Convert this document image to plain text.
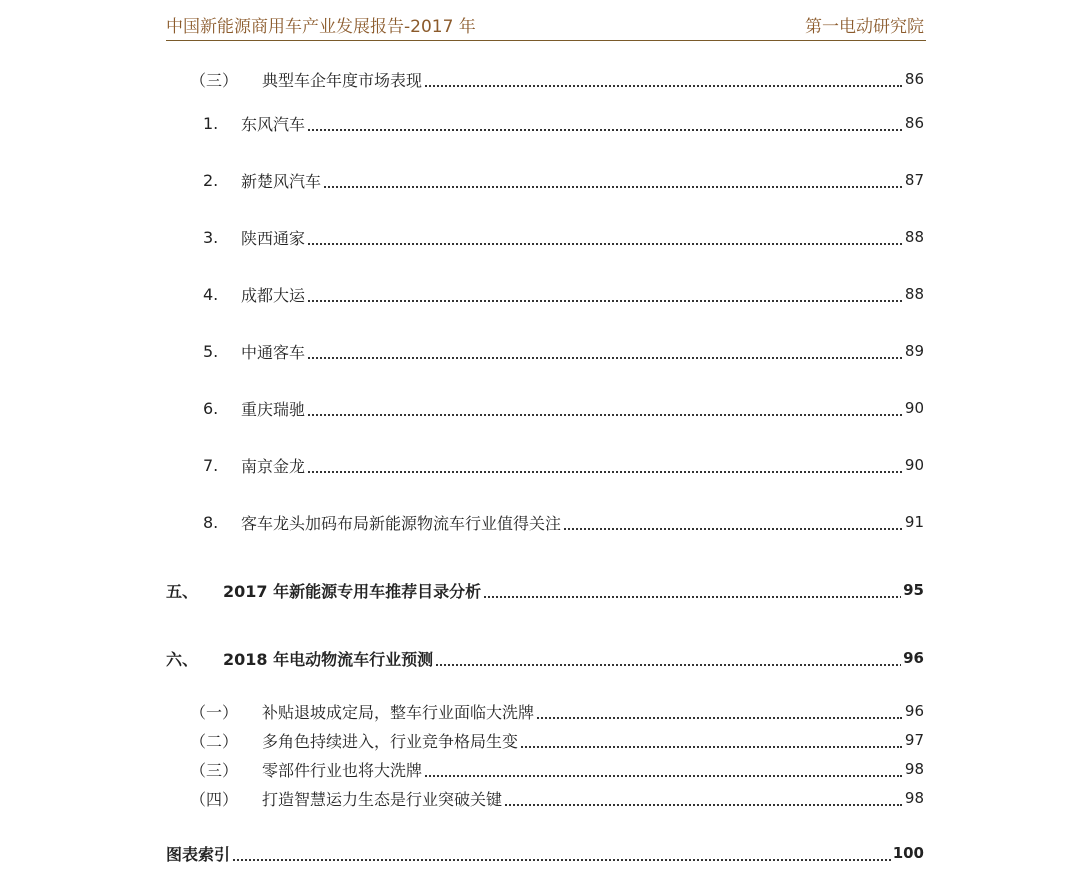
中国新能源商用车产业发展报告-2017 年	第一电动研究院
（三） 典型车企年度市场表现	86
1. 东风汽车	86
2. 新楚风汽车	87
3. 陕西通家	88
4. 成都大运	88
5. 中通客车	89
6. 重庆瑞驰	90
7. 南京金龙	90
8. 客车龙头加码布局新能源物流车行业值得关注	91
五、 2017 年新能源专用车推荐目录分析	95
六、 2018 年电动物流车行业预测	96
（一） 补贴退坡成定局，整车行业面临大洗牌	96
（二） 多角色持续进入，行业竞争格局生变	97
（三） 零部件行业也将大洗牌	98
（四） 打造智慧运力生态是行业突破关键	98
图表索引	100
